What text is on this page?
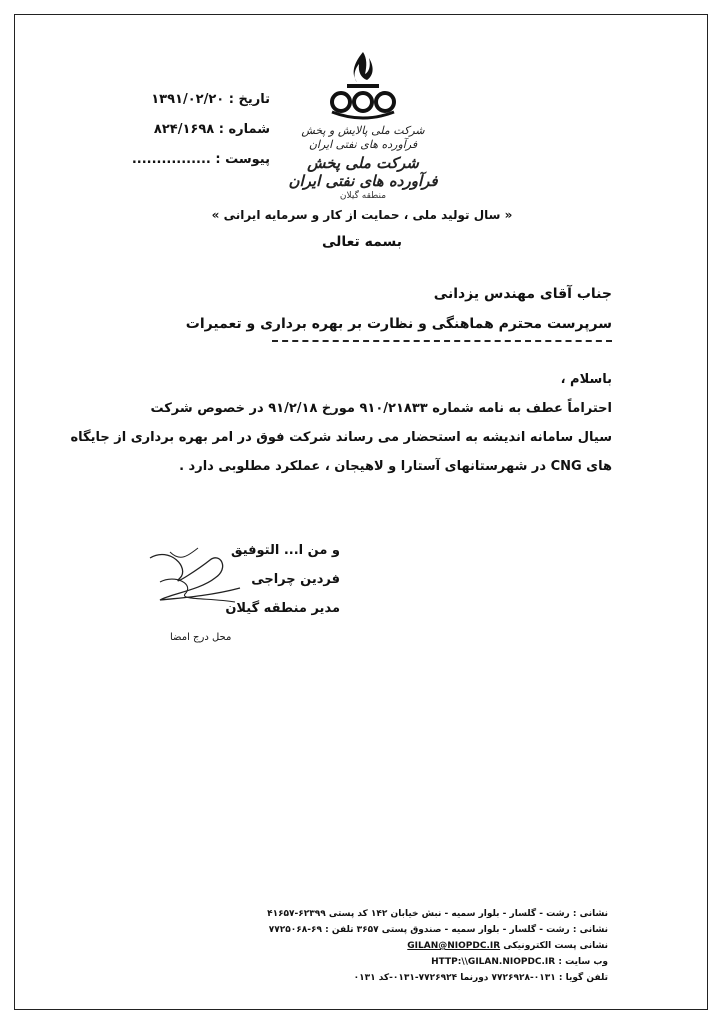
شرکت ملی پالایش و پخش فرآورده های نفتی ایران
شرکت ملی پخش فرآورده های نفتی ایران
منطقه گیلان
تاریخ : ۱۳۹۱/۰۲/۲۰
شماره : ۸۲۴/۱۶۹۸
پیوست : ................
« سال تولید ملی ، حمایت از کار و سرمایه ایرانی »
بسمه تعالی
جناب آقای مهندس یزدانی
سرپرست محترم هماهنگی و نظارت بر بهره برداری و تعمیرات
باسلام ،

احتراماً عطف به نامه شماره ۹۱۰/۲۱۸۳۳ مورخ ۹۱/۲/۱۸ در خصوص شرکت

سیال سامانه اندیشه به استحضار می رساند شرکت فوق در امر بهره برداری از جایگاه

های CNG در شهرستانهای آستارا و لاهیجان ، عملکرد مطلوبی دارد .

و من ا... التوفیق
فردین چراجی
مدیر منطقه گیلان
محل درج امضا
نشانی : رشت - گلسار - بلوار سمیه - نبش خیابان ۱۴۲ کد پستی ۶۲۳۹۹-۴۱۶۵۷
نشانی : رشت - گلسار - بلوار سمیه - صندوق پستی ۳۶۵۷ تلفن : ۶۹-۷۷۲۵۰۶۸
نشانی پست الکترونیکی GILAN@NIOPDC.IR
وب سایت : HTTP:\\GILAN.NIOPDC.IR
تلفن گویا : ۰۱۳۱-۷۷۲۶۹۲۸ دورنما ۷۷۲۶۹۲۴-۰۱۳۱-کد ۰۱۳۱
